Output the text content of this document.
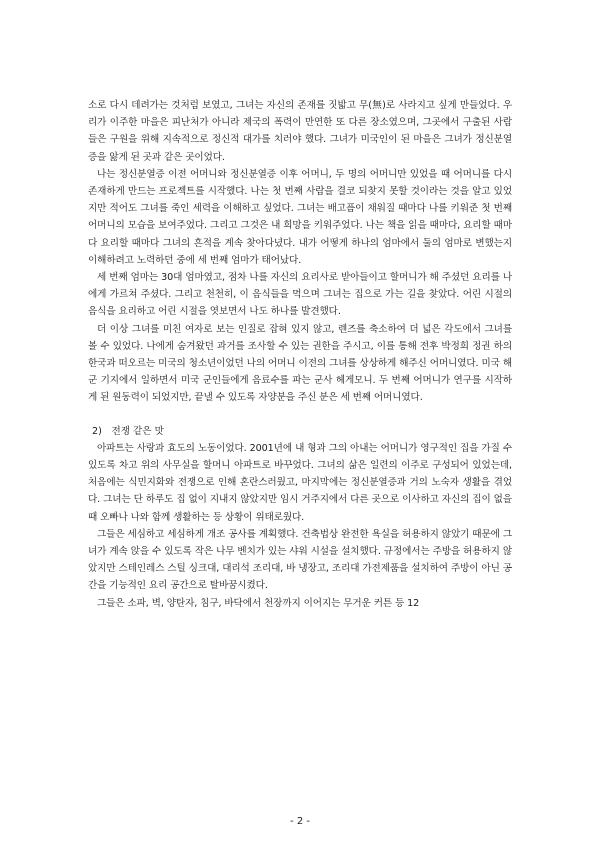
소로 다시 데려가는 것처럼 보였고, 그녀는 자신의 존재를 짓밟고 무(無)로 사라지고 싶게 만들었다. 우리가 이주한 마을은 피난처가 아니라 제국의 폭력이 만연한 또 다른 장소였으며, 그곳에서 구출된 사람들은 구원을 위해 지속적으로 정신적 대가를 치러야 했다. 그녀가 미국인이 된 마을은 그녀가 정신분열증을 앓게 된 곳과 같은 곳이었다.

나는 정신분열증 이전 어머니와 정신분열증 이후 어머니, 두 명의 어머니만 있었을 때 어머니를 다시 존재하게 만드는 프로젝트를 시작했다. 나는 첫 번째 사람을 결코 되찾지 못할 것이라는 것을 알고 있었지만 적어도 그녀를 죽인 세력을 이해하고 싶었다. 그녀는 배고픔이 채워질 때마다 나를 키워준 첫 번째 어머니의 모습을 보여주었다. 그리고 그것은 내 희망을 키워주었다. 나는 책을 읽을 때마다, 요리할 때마다 요리할 때마다 그녀의 흔적을 계속 찾아다녔다. 내가 어떻게 하나의 엄마에서 둘의 엄마로 변했는지 이해하려고 노력하던 중에 세 번째 엄마가 태어났다.

세 번째 엄마는 30대 엄마였고, 점차 나를 자신의 요리사로 받아들이고 할머니가 해 주셨던 요리를 나에게 가르쳐 주셨다. 그리고 천천히, 이 음식들을 먹으며 그녀는 집으로 가는 길을 찾았다. 어린 시절의 음식을 요리하고 어린 시절을 엿보면서 나도 하나를 발견했다.

더 이상 그녀를 미친 여자로 보는 인질로 잡혀 있지 않고, 렌즈를 축소하여 더 넓은 각도에서 그녀를 볼 수 있었다. 나에게 숨겨왔던 과거를 조사할 수 있는 권한을 주시고, 이를 통해 전후 박정희 정권 하의 한국과 떠오르는 미국의 청소년이었던 나의 어머니 이전의 그녀를 상상하게 해주신 어머니였다. 미국 해군 기지에서 일하면서 미국 군인들에게 음료수를 파는 군사 헤게모니. 두 번째 어머니가 연구를 시작하게 된 원동력이 되었지만, 끝낼 수 있도록 자양분을 주신 분은 세 번째 어머니였다.

2)　전쟁 같은 맛

아파트는 사랑과 효도의 노동이었다. 2001년에 내 형과 그의 아내는 어머니가 영구적인 집을 가질 수 있도록 차고 위의 사무실을 할머니 아파트로 바꾸었다. 그녀의 삶은 일련의 이주로 구성되어 있었는데, 처음에는 식민지화와 전쟁으로 인해 혼란스러웠고, 마지막에는 정신분열증과 거의 노숙자 생활을 겪었다. 그녀는 단 하루도 집 없이 지내지 않았지만 임시 거주지에서 다른 곳으로 이사하고 자신의 집이 없을 때 오빠나 나와 함께 생활하는 등 상황이 위태로웠다.

그들은 세심하고 세심하게 개조 공사를 계획했다. 건축법상 완전한 욕실을 허용하지 않았기 때문에 그녀가 계속 앉을 수 있도록 작은 나무 벤치가 있는 샤워 시설을 설치했다. 규정에서는 주방을 허용하지 않았지만 스테인레스 스틸 싱크대, 대리석 조리대, 바 냉장고, 조리대 가전제품을 설치하여 주방이 아닌 공간을 기능적인 요리 공간으로 탈바꿈시켰다.

그들은 소파, 벽, 양탄자, 침구, 바닥에서 천장까지 이어지는 무거운 커튼 등 12

- 2 -
